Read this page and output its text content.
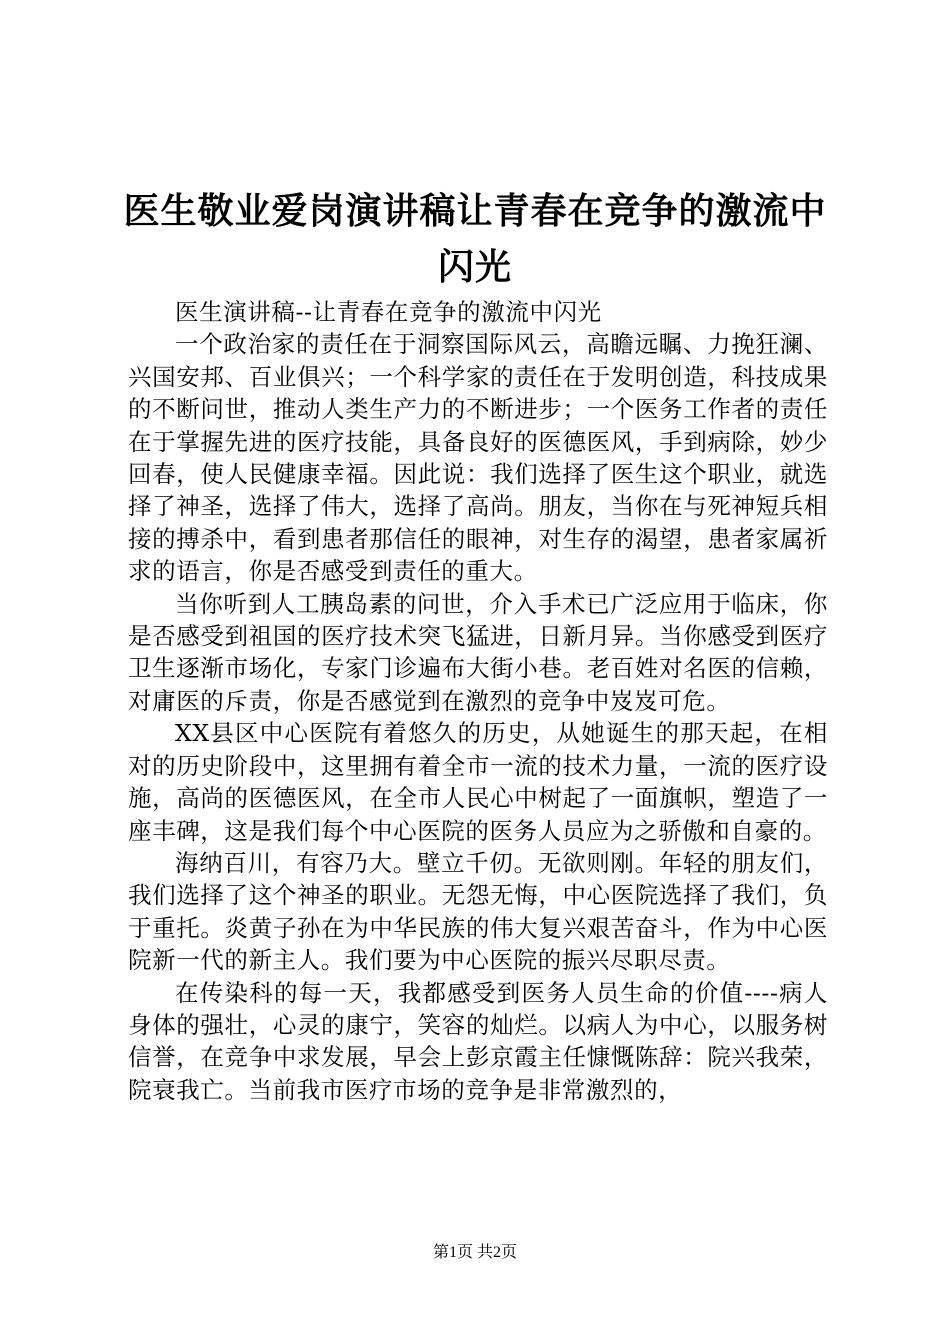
医生敬业爱岗演讲稿让青春在竞争的激流中闪光

医生演讲稿--让青春在竞争的激流中闪光

一个政治家的责任在于洞察国际风云，高瞻远瞩、力挽狂澜、兴国安邦、百业俱兴；一个科学家的责任在于发明创造，科技成果的不断问世，推动人类生产力的不断进步；一个医务工作者的责任在于掌握先进的医疗技能，具备良好的医德医风，手到病除，妙少回春，使人民健康幸福。因此说：我们选择了医生这个职业，就选择了神圣，选择了伟大，选择了高尚。朋友，当你在与死神短兵相接的搏杀中，看到患者那信任的眼神，对生存的渴望，患者家属祈求的语言，你是否感受到责任的重大。

当你听到人工胰岛素的问世，介入手术已广泛应用于临床，你是否感受到祖国的医疗技术突飞猛进，日新月异。当你感受到医疗卫生逐渐市场化，专家门诊遍布大街小巷。老百姓对名医的信赖，对庸医的斥责，你是否感觉到在激烈的竞争中岌岌可危。

XX县区中心医院有着悠久的历史，从她诞生的那天起，在相对的历史阶段中，这里拥有着全市一流的技术力量，一流的医疗设施，高尚的医德医风，在全市人民心中树起了一面旗帜，塑造了一座丰碑，这是我们每个中心医院的医务人员应为之骄傲和自豪的。

海纳百川，有容乃大。壁立千仞。无欲则刚。年轻的朋友们，我们选择了这个神圣的职业。无怨无悔，中心医院选择了我们，负于重托。炎黄子孙在为中华民族的伟大复兴艰苦奋斗，作为中心医院新一代的新主人。我们要为中心医院的振兴尽职尽责。

在传染科的每一天，我都感受到医务人员生命的价值----病人身体的强壮，心灵的康宁，笑容的灿烂。以病人为中心，以服务树信誉，在竞争中求发展，早会上彭京霞主任慷慨陈辞：院兴我荣，院衰我亡。当前我市医疗市场的竞争是非常激烈的，

第1页 共2页
